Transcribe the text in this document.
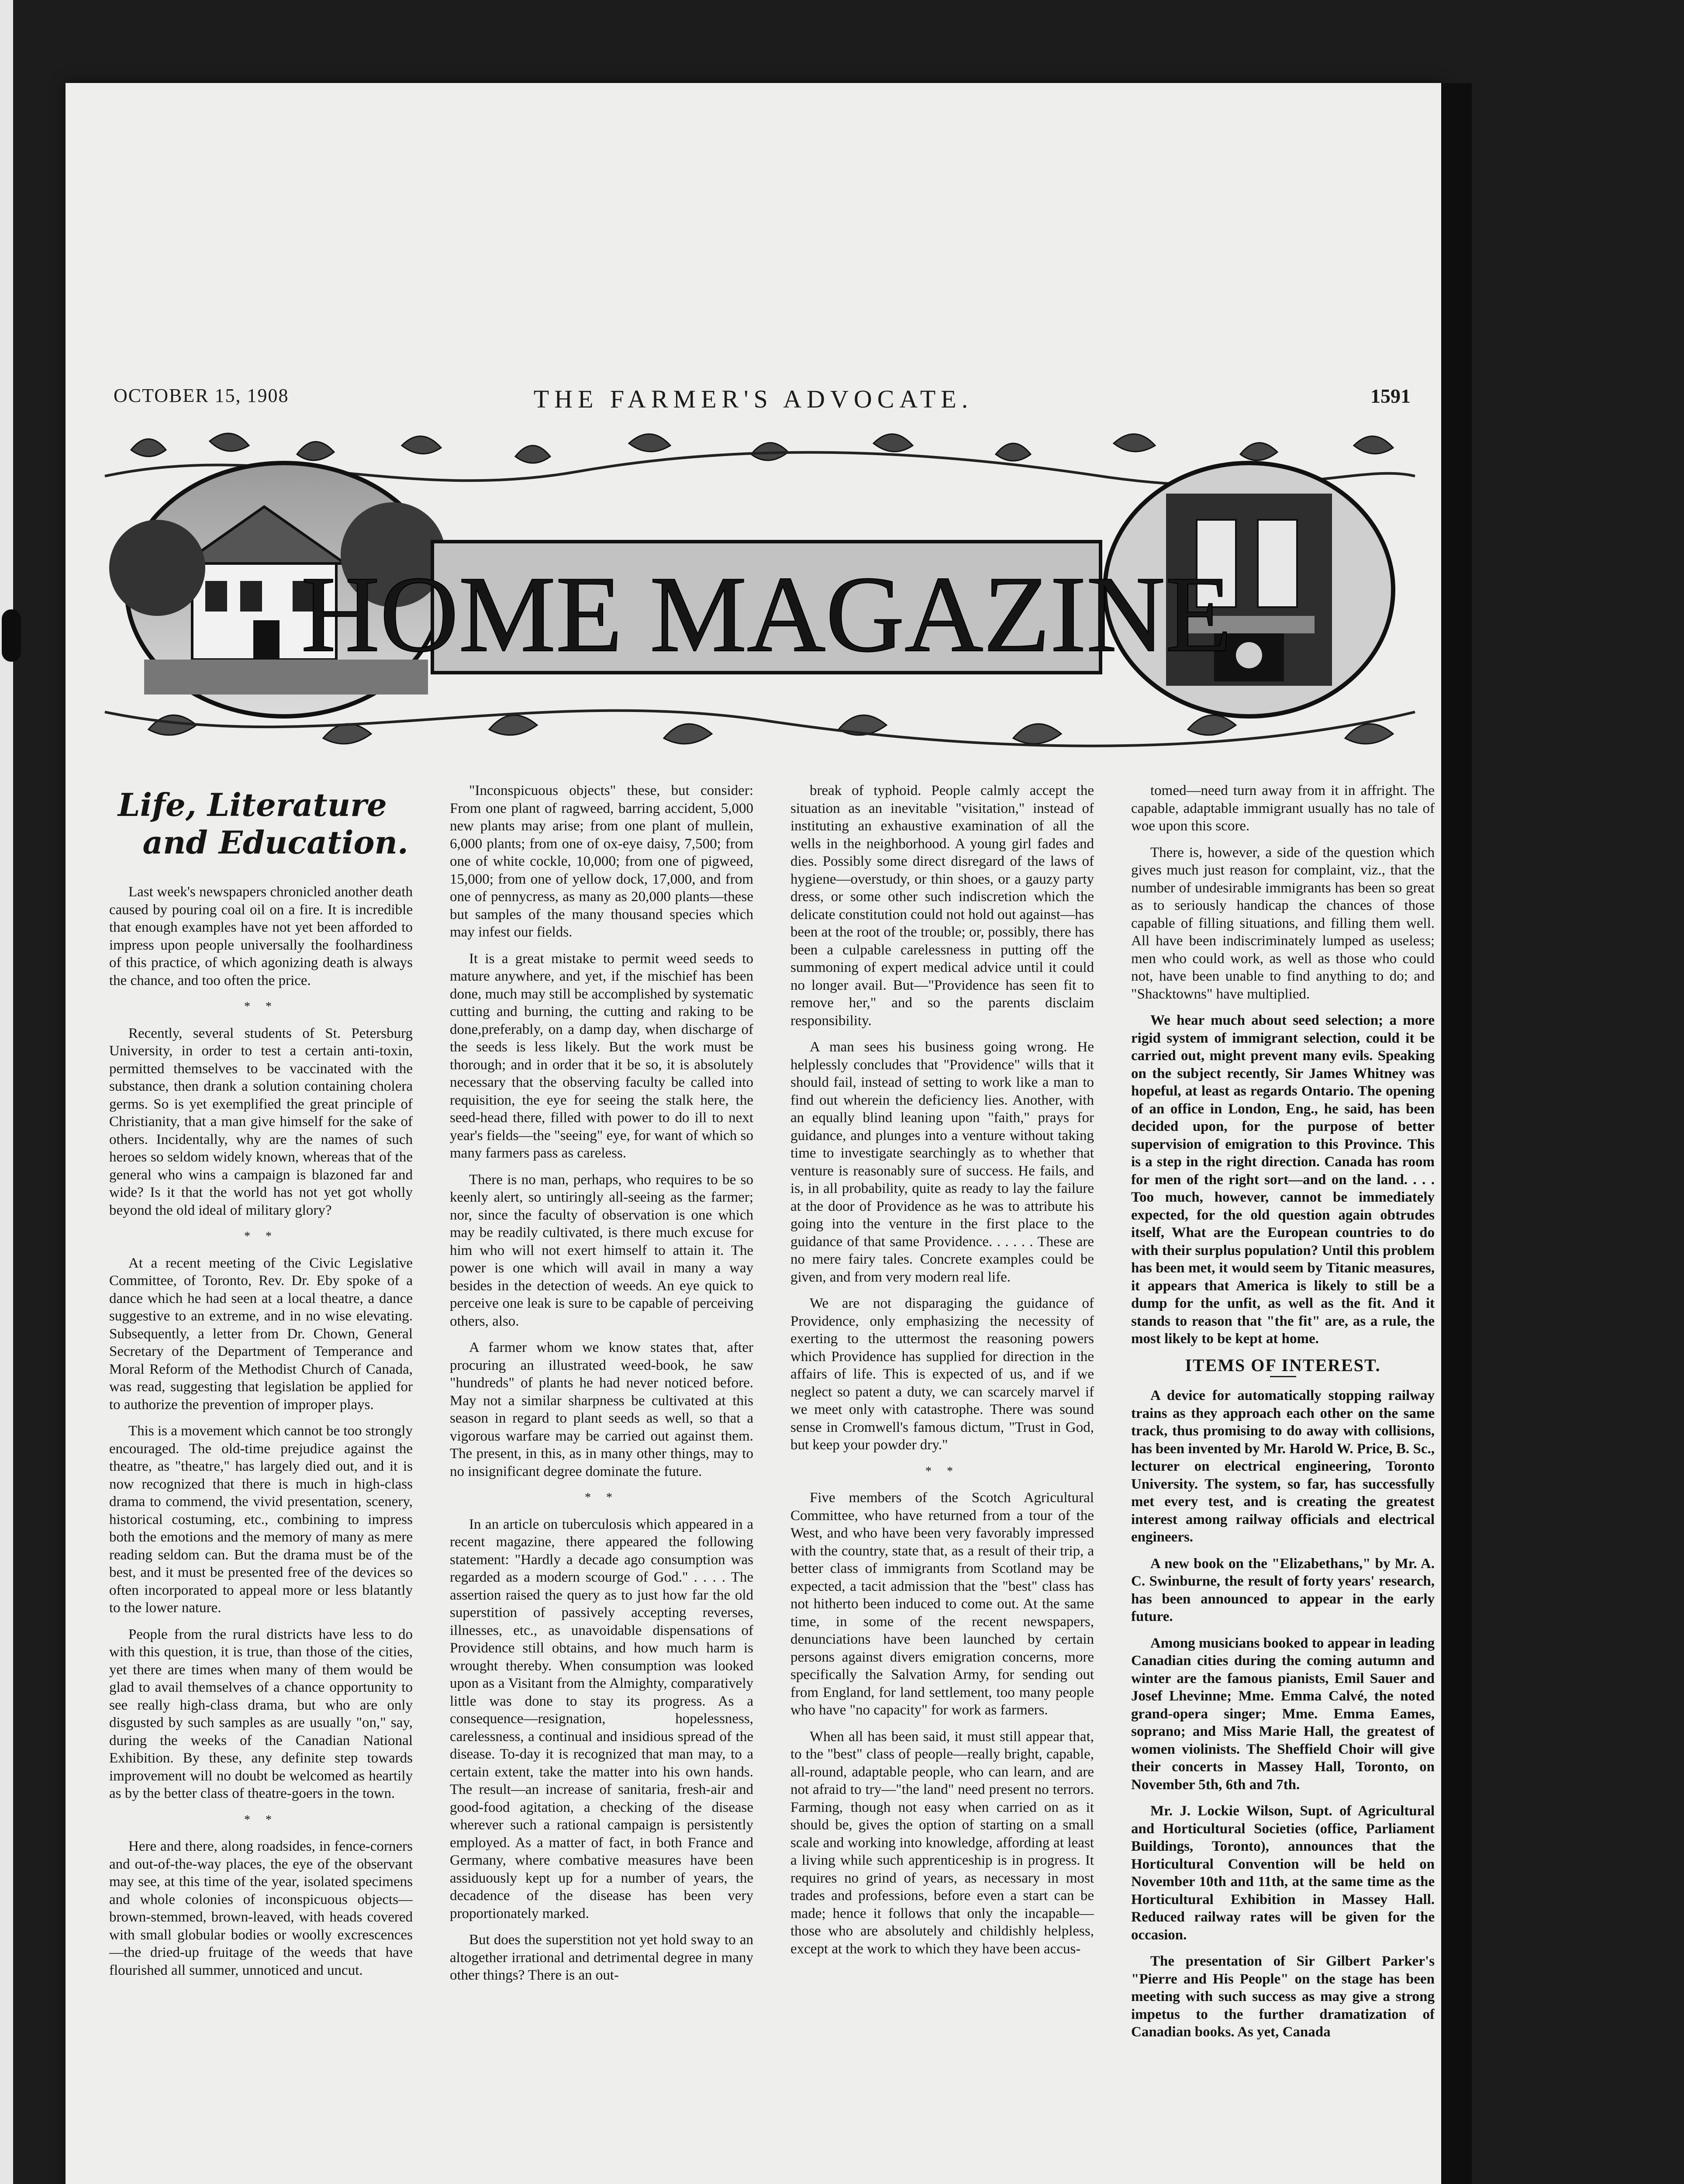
OCTOBER 15, 1908	THE FARMER'S ADVOCATE.	1591
HOME MAGAZINE
Life, Literature
and Education.

Last week's newspapers chronicled another death caused by pouring coal oil on a fire. It is incredible that enough examples have not yet been afforded to impress upon people universally the foolhardiness of this practice, of which agonizing death is always the chance, and too often the price.

* *

Recently, several students of St. Petersburg University, in order to test a certain anti-toxin, permitted themselves to be vaccinated with the substance, then drank a solution containing cholera germs. So is yet exemplified the great principle of Christianity, that a man give himself for the sake of others. Incidentally, why are the names of such heroes so seldom widely known, whereas that of the general who wins a campaign is blazoned far and wide? Is it that the world has not yet got wholly beyond the old ideal of military glory?

* *

At a recent meeting of the Civic Legislative Committee, of Toronto, Rev. Dr. Eby spoke of a dance which he had seen at a local theatre, a dance suggestive to an extreme, and in no wise elevating. Subsequently, a letter from Dr. Chown, General Secretary of the Department of Temperance and Moral Reform of the Methodist Church of Canada, was read, suggesting that legislation be applied for to authorize the prevention of improper plays.

This is a movement which cannot be too strongly encouraged. The old-time prejudice against the theatre, as "theatre," has largely died out, and it is now recognized that there is much in high-class drama to commend, the vivid presentation, scenery, historical costuming, etc., combining to impress both the emotions and the memory of many as mere reading seldom can. But the drama must be of the best, and it must be presented free of the devices so often incorporated to appeal more or less blatantly to the lower nature.

People from the rural districts have less to do with this question, it is true, than those of the cities, yet there are times when many of them would be glad to avail themselves of a chance opportunity to see really high-class drama, but who are only disgusted by such samples as are usually "on," say, during the weeks of the Canadian National Exhibition. By these, any definite step towards improvement will no doubt be welcomed as heartily as by the better class of theatre-goers in the town.

* *

Here and there, along roadsides, in fence-corners and out-of-the-way places, the eye of the observant may see, at this time of the year, isolated specimens and whole colonies of inconspicuous objects—brown-stemmed, brown-leaved, with heads covered with small globular bodies or woolly excrescences—the dried-up fruitage of the weeds that have flourished all summer, unnoticed and uncut.

"Inconspicuous objects" these, but consider: From one plant of ragweed, barring accident, 5,000 new plants may arise; from one plant of mullein, 6,000 plants; from one of ox-eye daisy, 7,500; from one of white cockle, 10,000; from one of pigweed, 15,000; from one of yellow dock, 17,000, and from one of pennycress, as many as 20,000 plants—these but samples of the many thousand species which may infest our fields.

It is a great mistake to permit weed seeds to mature anywhere, and yet, if the mischief has been done, much may still be accomplished by systematic cutting and burning, the cutting and raking to be done,preferably, on a damp day, when discharge of the seeds is less likely. But the work must be thorough; and in order that it be so, it is absolutely necessary that the observing faculty be called into requisition, the eye for seeing the stalk here, the seed-head there, filled with power to do ill to next year's fields—the "seeing" eye, for want of which so many farmers pass as careless.

There is no man, perhaps, who requires to be so keenly alert, so untiringly all-seeing as the farmer; nor, since the faculty of observation is one which may be readily cultivated, is there much excuse for him who will not exert himself to attain it. The power is one which will avail in many a way besides in the detection of weeds. An eye quick to perceive one leak is sure to be capable of perceiving others, also.

A farmer whom we know states that, after procuring an illustrated weed-book, he saw "hundreds" of plants he had never noticed before. May not a similar sharpness be cultivated at this season in regard to plant seeds as well, so that a vigorous warfare may be carried out against them. The present, in this, as in many other things, may to no insignificant degree dominate the future.

* *

In an article on tuberculosis which appeared in a recent magazine, there appeared the following statement: "Hardly a decade ago consumption was regarded as a modern scourge of God." . . . . The assertion raised the query as to just how far the old superstition of passively accepting reverses, illnesses, etc., as unavoidable dispensations of Providence still obtains, and how much harm is wrought thereby. When consumption was looked upon as a Visitant from the Almighty, comparatively little was done to stay its progress. As a consequence—resignation, hopelessness, carelessness, a continual and insidious spread of the disease. To-day it is recognized that man may, to a certain extent, take the matter into his own hands. The result—an increase of sanitaria, fresh-air and good-food agitation, a checking of the disease wherever such a rational campaign is persistently employed. As a matter of fact, in both France and Germany, where combative measures have been assiduously kept up for a number of years, the decadence of the disease has been very proportionately marked.

But does the superstition not yet hold sway to an altogether irrational and detrimental degree in many other things? There is an out-

break of typhoid. People calmly accept the situation as an inevitable "visitation," instead of instituting an exhaustive examination of all the wells in the neighborhood. A young girl fades and dies. Possibly some direct disregard of the laws of hygiene—overstudy, or thin shoes, or a gauzy party dress, or some other such indiscretion which the delicate constitution could not hold out against—has been at the root of the trouble; or, possibly, there has been a culpable carelessness in putting off the summoning of expert medical advice until it could no longer avail. But—"Providence has seen fit to remove her," and so the parents disclaim responsibility.

A man sees his business going wrong. He helplessly concludes that "Providence" wills that it should fail, instead of setting to work like a man to find out wherein the deficiency lies. Another, with an equally blind leaning upon "faith," prays for guidance, and plunges into a venture without taking time to investigate searchingly as to whether that venture is reasonably sure of success. He fails, and is, in all probability, quite as ready to lay the failure at the door of Providence as he was to attribute his going into the venture in the first place to the guidance of that same Providence. . . . . . These are no mere fairy tales. Concrete examples could be given, and from very modern real life.

We are not disparaging the guidance of Providence, only emphasizing the necessity of exerting to the uttermost the reasoning powers which Providence has supplied for direction in the affairs of life. This is expected of us, and if we neglect so patent a duty, we can scarcely marvel if we meet only with catastrophe. There was sound sense in Cromwell's famous dictum, "Trust in God, but keep your powder dry."

* *

Five members of the Scotch Agricultural Committee, who have returned from a tour of the West, and who have been very favorably impressed with the country, state that, as a result of their trip, a better class of immigrants from Scotland may be expected, a tacit admission that the "best" class has not hitherto been induced to come out. At the same time, in some of the recent newspapers, denunciations have been launched by certain persons against divers emigration concerns, more specifically the Salvation Army, for sending out from England, for land settlement, too many people who have "no capacity" for work as farmers.

When all has been said, it must still appear that, to the "best" class of people—really bright, capable, all-round, adaptable people, who can learn, and are not afraid to try—"the land" need present no terrors. Farming, though not easy when carried on as it should be, gives the option of starting on a small scale and working into knowledge, affording at least a living while such apprenticeship is in progress. It requires no grind of years, as necessary in most trades and professions, before even a start can be made; hence it follows that only the incapable—those who are absolutely and childishly helpless, except at the work to which they have been accus-

tomed—need turn away from it in affright. The capable, adaptable immigrant usually has no tale of woe upon this score.

There is, however, a side of the question which gives much just reason for complaint, viz., that the number of undesirable immigrants has been so great as to seriously handicap the chances of those capable of filling situations, and filling them well. All have been indiscriminately lumped as useless; men who could work, as well as those who could not, have been unable to find anything to do; and "Shacktowns" have multiplied.

We hear much about seed selection; a more rigid system of immigrant selection, could it be carried out, might prevent many evils. Speaking on the subject recently, Sir James Whitney was hopeful, at least as regards Ontario. The opening of an office in London, Eng., he said, has been decided upon, for the purpose of better supervision of emigration to this Province. This is a step in the right direction. Canada has room for men of the right sort—and on the land. . . . Too much, however, cannot be immediately expected, for the old question again obtrudes itself, What are the European countries to do with their surplus population? Until this problem has been met, it would seem by Titanic measures, it appears that America is likely to still be a dump for the unfit, as well as the fit. And it stands to reason that "the fit" are, as a rule, the most likely to be kept at home.

ITEMS OF INTEREST.

A device for automatically stopping railway trains as they approach each other on the same track, thus promising to do away with collisions, has been invented by Mr. Harold W. Price, B. Sc., lecturer on electrical engineering, Toronto University. The system, so far, has successfully met every test, and is creating the greatest interest among railway officials and electrical engineers.

A new book on the "Elizabethans," by Mr. A. C. Swinburne, the result of forty years' research, has been announced to appear in the early future.

Among musicians booked to appear in leading Canadian cities during the coming autumn and winter are the famous pianists, Emil Sauer and Josef Lhevinne; Mme. Emma Calvé, the noted grand-opera singer; Mme. Emma Eames, soprano; and Miss Marie Hall, the greatest of women violinists. The Sheffield Choir will give their concerts in Massey Hall, Toronto, on November 5th, 6th and 7th.

Mr. J. Lockie Wilson, Supt. of Agricultural and Horticultural Societies (office, Parliament Buildings, Toronto), announces that the Horticultural Convention will be held on November 10th and 11th, at the same time as the Horticultural Exhibition in Massey Hall. Reduced railway rates will be given for the occasion.

The presentation of Sir Gilbert Parker's "Pierre and His People" on the stage has been meeting with such success as may give a strong impetus to the further dramatization of Canadian books. As yet, Canada
